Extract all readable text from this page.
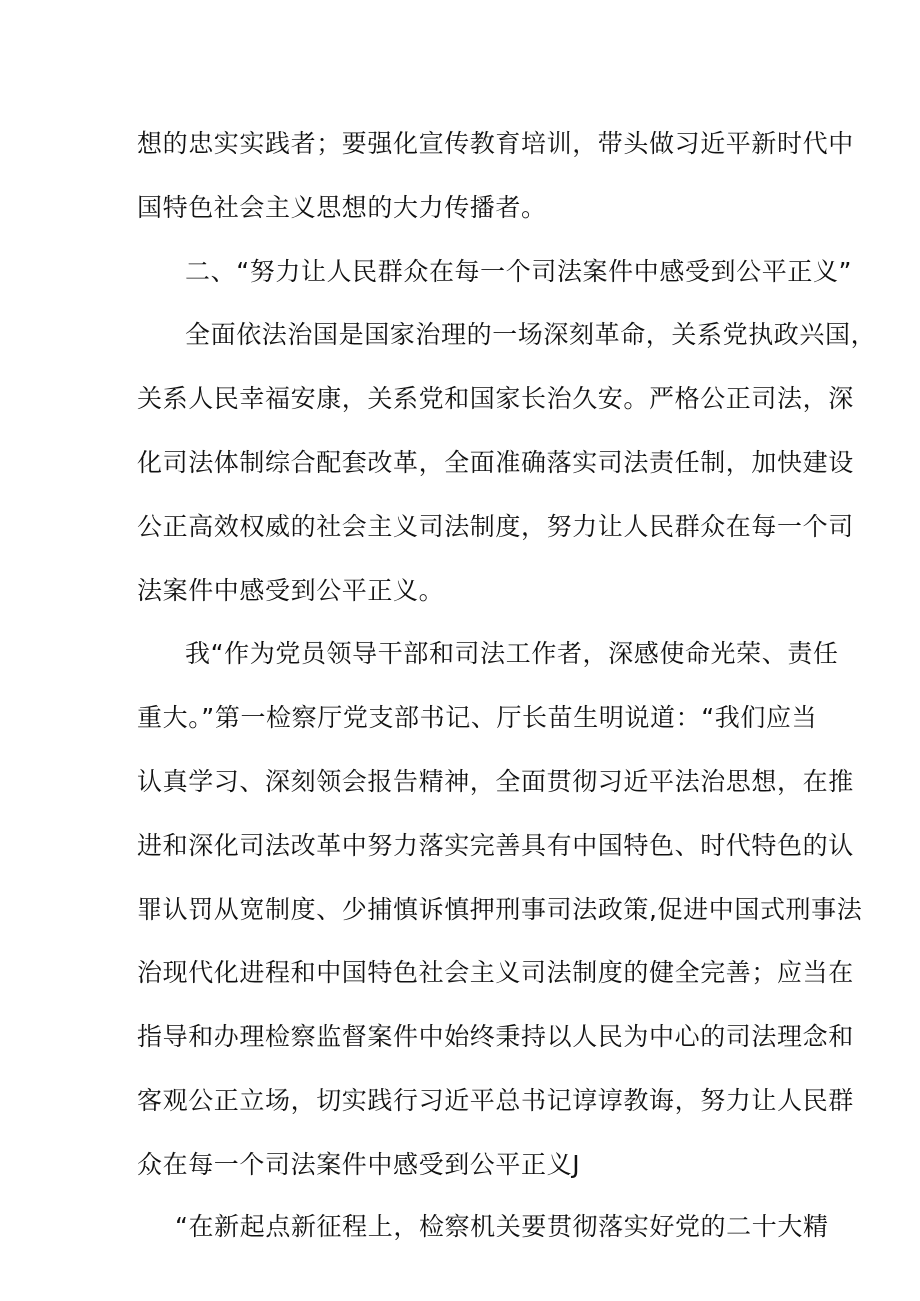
想的忠实实践者；要强化宣传教育培训，带头做习近平新时代中
国特色社会主义思想的大力传播者。
二、“努力让人民群众在每一个司法案件中感受到公平正义”
全面依法治国是国家治理的一场深刻革命，关系党执政兴国，
关系人民幸福安康，关系党和国家长治久安。严格公正司法，深
化司法体制综合配套改革，全面准确落实司法责任制，加快建设
公正高效权威的社会主义司法制度，努力让人民群众在每一个司
法案件中感受到公平正义。
我“作为党员领导干部和司法工作者，深感使命光荣、责任
重大。”第一检察厅党支部书记、厅长苗生明说道：“我们应当
认真学习、深刻领会报告精神，全面贯彻习近平法治思想，在推
进和深化司法改革中努力落实完善具有中国特色、时代特色的认
罪认罚从宽制度、少捕慎诉慎押刑事司法政策,促进中国式刑事法
治现代化进程和中国特色社会主义司法制度的健全完善；应当在
指导和办理检察监督案件中始终秉持以人民为中心的司法理念和
客观公正立场，切实践行习近平总书记谆谆教诲，努力让人民群
众在每一个司法案件中感受到公平正义J
“在新起点新征程上，检察机关要贯彻落实好党的二十大精
